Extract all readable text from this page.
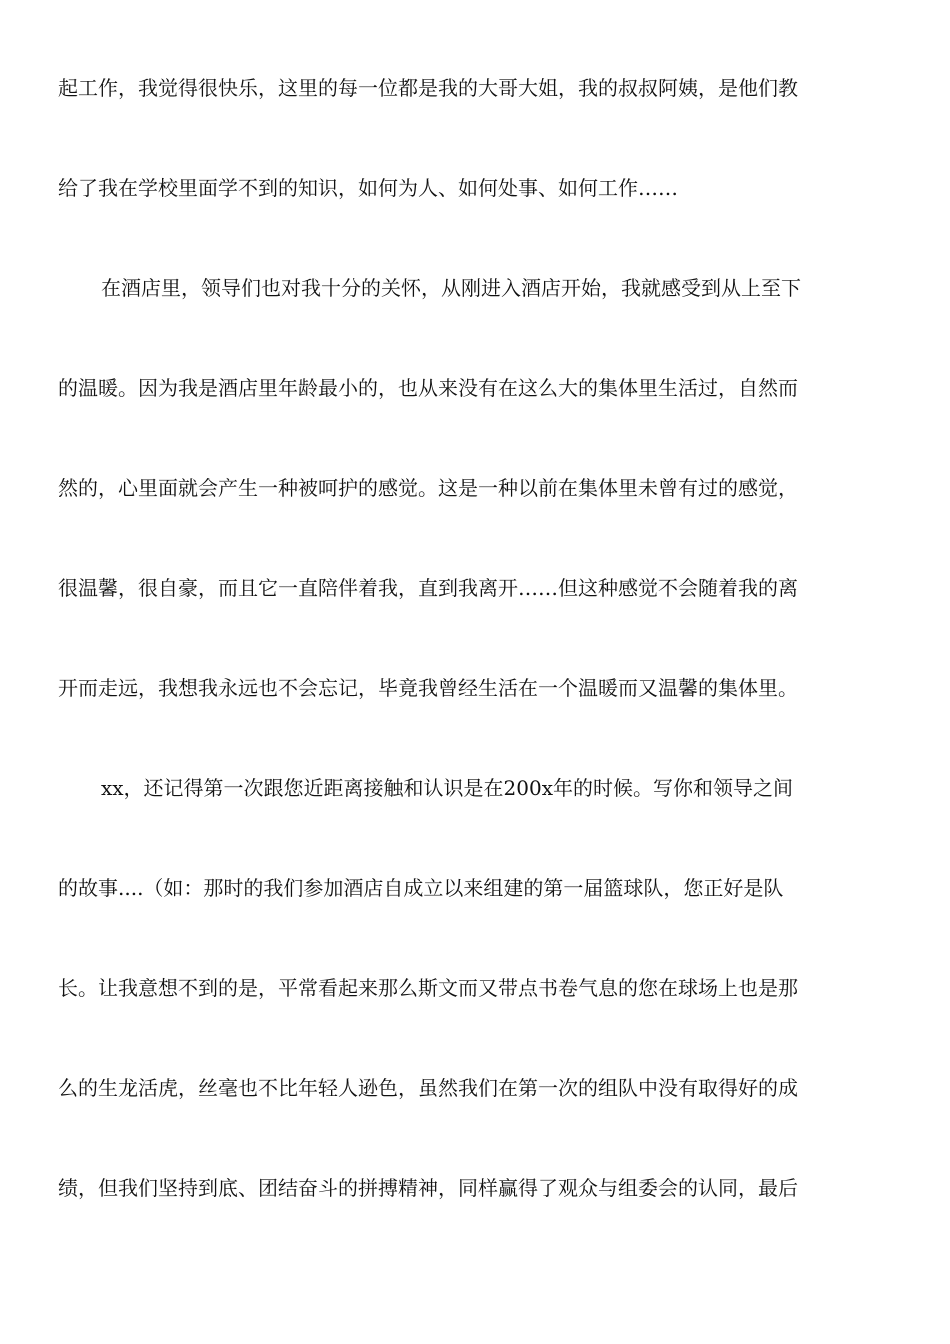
起工作，我觉得很快乐，这里的每一位都是我的大哥大姐，我的叔叔阿姨，是他们教
给了我在学校里面学不到的知识，如何为人、如何处事、如何工作……
在酒店里，领导们也对我十分的关怀，从刚进入酒店开始，我就感受到从上至下
的温暖。因为我是酒店里年龄最小的，也从来没有在这么大的集体里生活过，自然而
然的，心里面就会产生一种被呵护的感觉。这是一种以前在集体里未曾有过的感觉，
很温馨，很自豪，而且它一直陪伴着我，直到我离开……但这种感觉不会随着我的离
开而走远，我想我永远也不会忘记，毕竟我曾经生活在一个温暖而又温馨的集体里。
xx，还记得第一次跟您近距离接触和认识是在200x年的时候。写你和领导之间
的故事....（如：那时的我们参加酒店自成立以来组建的第一届篮球队，您正好是队
长。让我意想不到的是，平常看起来那么斯文而又带点书卷气息的您在球场上也是那
么的生龙活虎，丝毫也不比年轻人逊色，虽然我们在第一次的组队中没有取得好的成
绩，但我们坚持到底、团结奋斗的拼搏精神，同样赢得了观众与组委会的认同，最后
